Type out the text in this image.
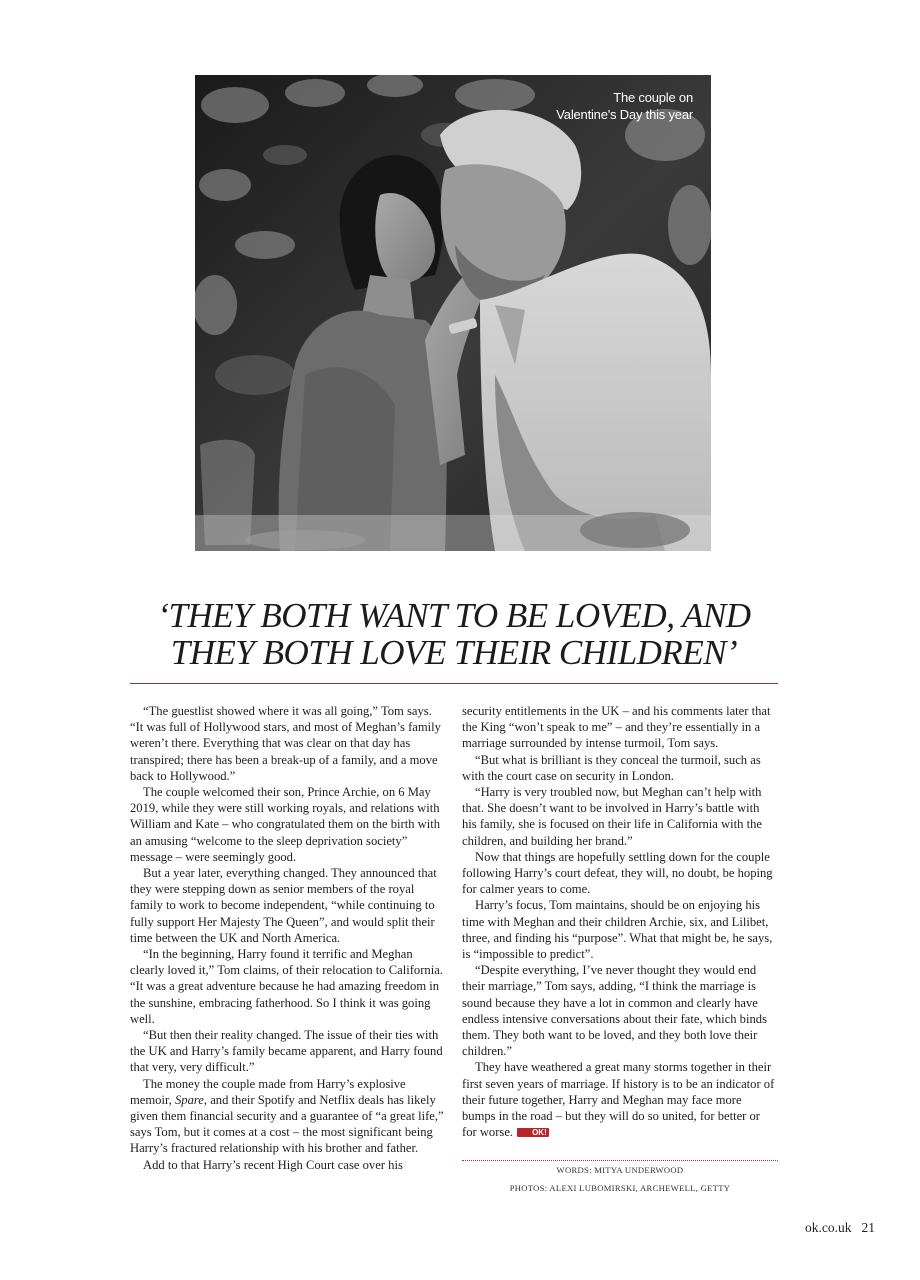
The couple on Valentine's Day this year
‘THEY BOTH WANT TO BE LOVED, AND
THEY BOTH LOVE THEIR CHILDREN’

“The guestlist showed where it was all going,” Tom says. “It was full of Hollywood stars, and most of Meghan’s family weren’t there. Everything that was clear on that day has transpired; there has been a break-up of a family, and a move back to Hollywood.”

The couple welcomed their son, Prince Archie, on 6 May 2019, while they were still working royals, and relations with William and Kate – who congratulated them on the birth with an amusing “welcome to the sleep deprivation society” message – were seemingly good.

But a year later, everything changed. They announced that they were stepping down as senior members of the royal family to work to become independent, “while continuing to fully support Her Majesty The Queen”, and would split their time between the UK and North America.

“In the beginning, Harry found it terrific and Meghan clearly loved it,” Tom claims, of their relocation to California. “It was a great adventure because he had amazing freedom in the sunshine, embracing fatherhood. So I think it was going well.

“But then their reality changed. The issue of their ties with the UK and Harry’s family became apparent, and Harry found that very, very difficult.”

The money the couple made from Harry’s explosive memoir, Spare, and their Spotify and Netflix deals has likely given them financial security and a guarantee of “a great life,” says Tom, but it comes at a cost – the most significant being Harry’s fractured relationship with his brother and father.

Add to that Harry’s recent High Court case over his

security entitlements in the UK – and his comments later that the King “won’t speak to me” – and they’re essentially in a marriage surrounded by intense turmoil, Tom says.

“But what is brilliant is they conceal the turmoil, such as with the court case on security in London.

“Harry is very troubled now, but Meghan can’t help with that. She doesn’t want to be involved in Harry’s battle with his family, she is focused on their life in California with the children, and building her brand.”

Now that things are hopefully settling down for the couple following Harry’s court defeat, they will, no doubt, be hoping for calmer years to come.

Harry’s focus, Tom maintains, should be on enjoying his time with Meghan and their children Archie, six, and Lilibet, three, and finding his “purpose”. What that might be, he says, is “impossible to predict”.

“Despite everything, I’ve never thought they would end their marriage,” Tom says, adding, “I think the marriage is sound because they have a lot in common and clearly have endless intensive conversations about their fate, which binds them. They both want to be loved, and they both love their children.”

They have weathered a great many storms together in their first seven years of marriage. If history is to be an indicator of their future together, Harry and Meghan may face more bumps in the road – but they will do so united, for better or for worse. OK!

WORDS: MITYA UNDERWOOD
PHOTOS: ALEXI LUBOMIRSKI, ARCHEWELL, GETTY
ok.co.uk 21
